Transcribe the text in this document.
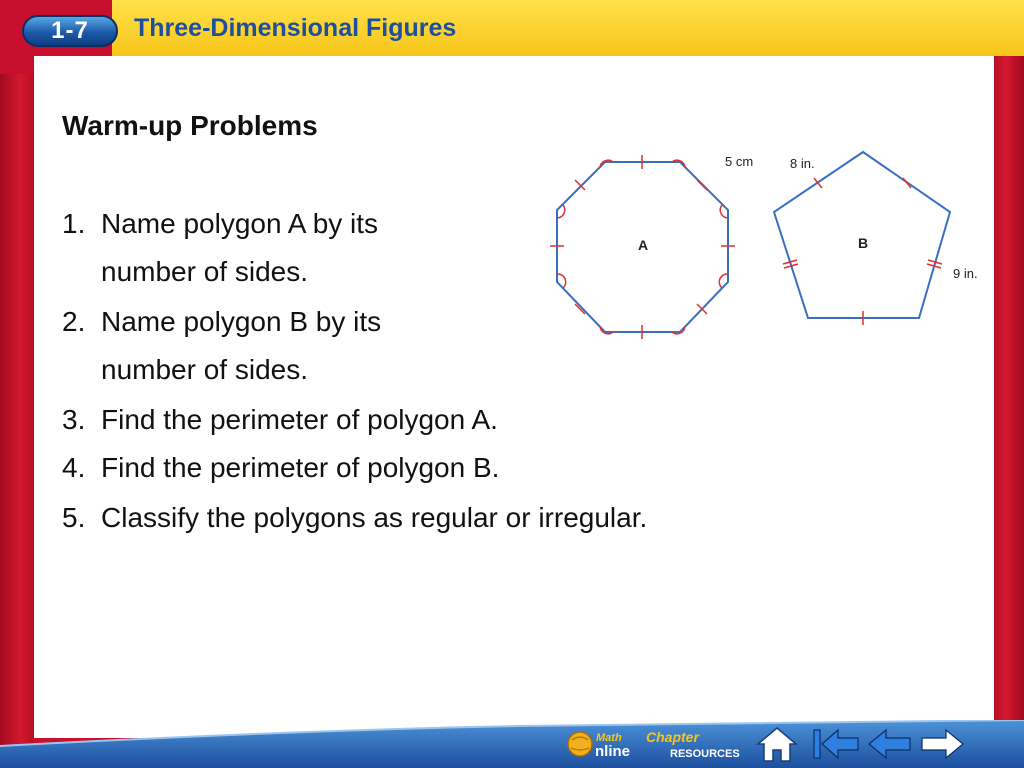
1-7	Three-Dimensional Figures
Warm-up Problems
1. Name polygon A by its
number of sides.
2. Name polygon B by its
number of sides.
3. Find the perimeter of polygon A.
4. Find the perimeter of polygon B.
5. Classify the polygons as regular or irregular.
A
5 cm
B
8 in.
9 in.
Math
nline
Chapter
RESOURCES
